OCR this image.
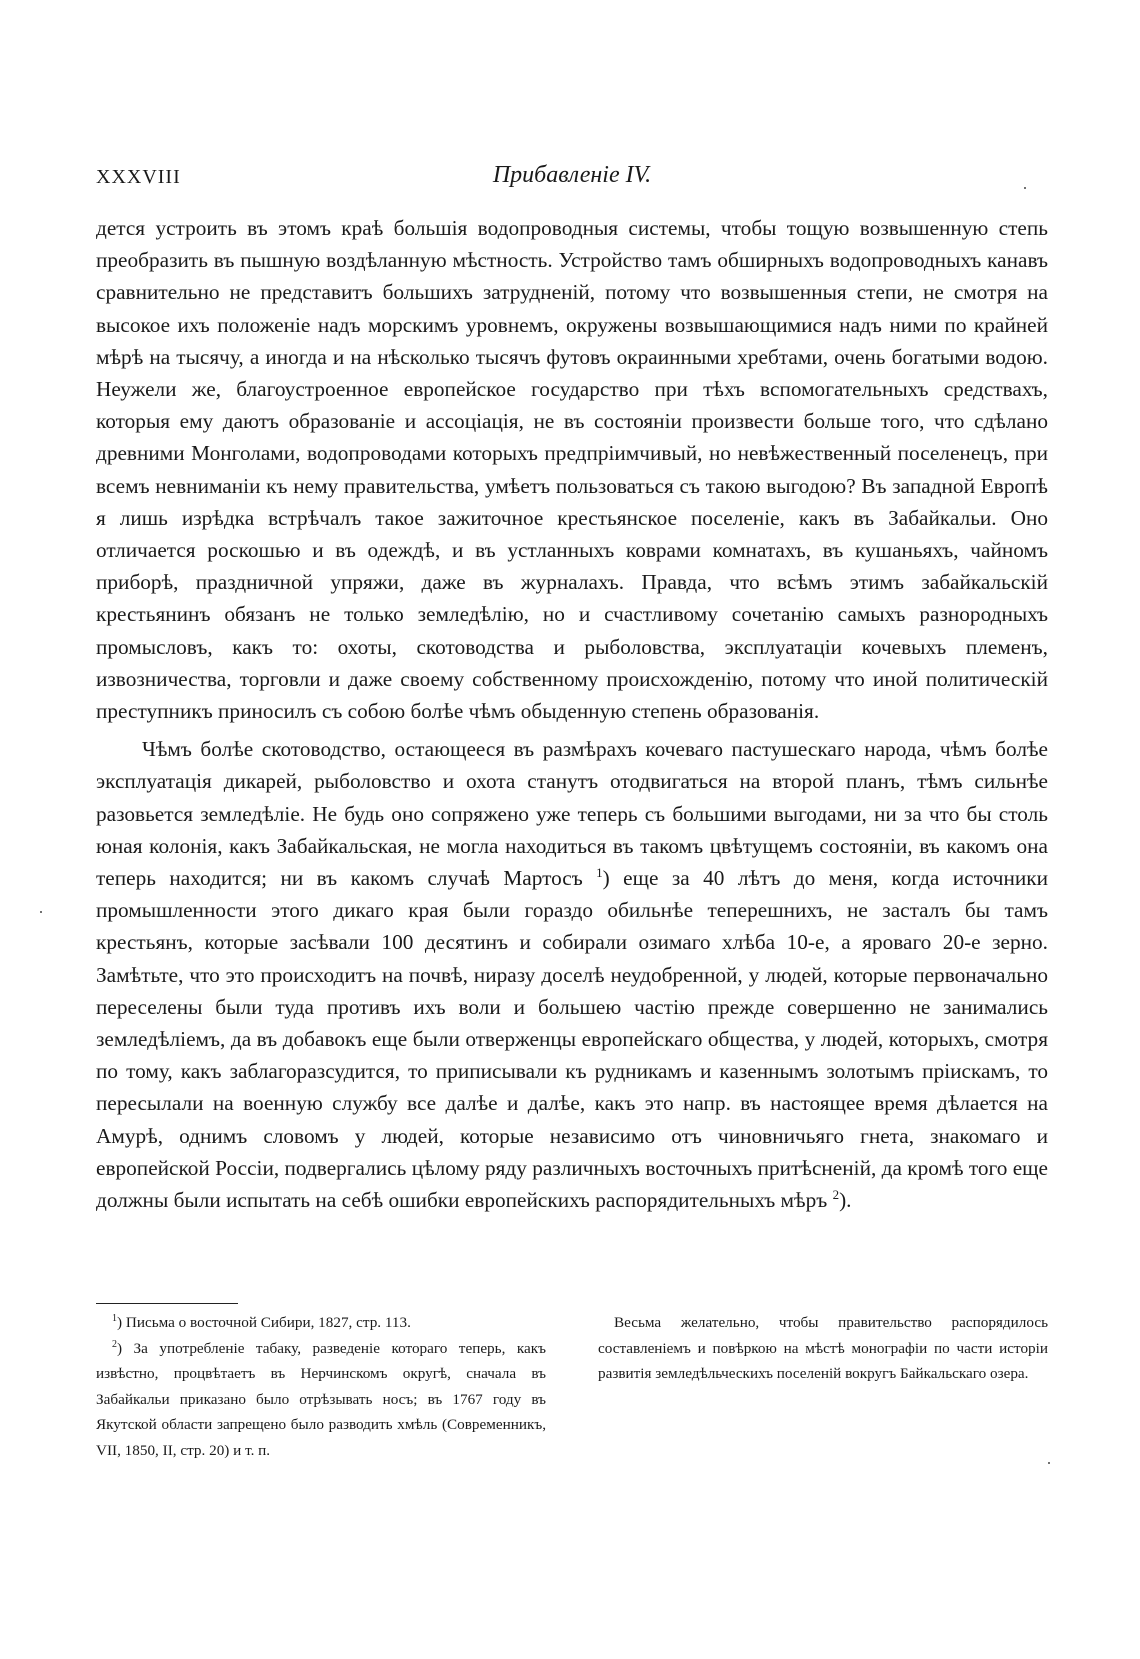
XXXVIII	Прибавленіе IV.

дется устроить въ этомъ краѣ большія водопроводныя системы, чтобы тощую возвышенную степь преобразить въ пышную воздѣланную мѣстность. Устройство тамъ обширныхъ водопроводныхъ канавъ сравнительно не представитъ большихъ затрудненій, потому что возвышенныя степи, не смотря на высокое ихъ положеніе надъ морскимъ уровнемъ, окружены возвышающимися надъ ними по крайней мѣрѣ на тысячу, а иногда и на нѣсколько тысячъ футовъ окраинными хребтами, очень богатыми водою. Неужели же, благоустроенное европейское государство при тѣхъ вспомогательныхъ средствахъ, которыя ему даютъ образованіе и ассоціація, не въ состояніи произвести больше того, что сдѣлано древними Монголами, водопроводами которыхъ предпріимчивый, но невѣжественный поселенецъ, при всемъ невниманіи къ нему правительства, умѣетъ пользоваться съ такою выгодою? Въ западной Европѣ я лишь изрѣдка встрѣчалъ такое зажиточное крестьянское поселеніе, какъ въ Забайкальи. Оно отличается роскошью и въ одеждѣ, и въ устланныхъ коврами комнатахъ, въ кушаньяхъ, чайномъ приборѣ, праздничной упряжи, даже въ журналахъ. Правда, что всѣмъ этимъ забайкальскій крестьянинъ обязанъ не только земледѣлію, но и счастливому сочетанію самыхъ разнородныхъ промысловъ, какъ то: охоты, скотоводства и рыболовства, эксплуатаціи кочевыхъ племенъ, извозничества, торговли и даже своему собственному происхожденію, потому что иной политическій преступникъ приносилъ съ собою болѣе чѣмъ обыденную степень образованія.

Чѣмъ болѣе скотоводство, остающееся въ размѣрахъ кочеваго пастушескаго народа, чѣмъ болѣе эксплуатація дикарей, рыболовство и охота станутъ отодвигаться на второй планъ, тѣмъ сильнѣе разовьется земледѣліе. Не будь оно сопряжено уже теперь съ большими выгодами, ни за что бы столь юная колонія, какъ Забайкальская, не могла находиться въ такомъ цвѣтущемъ состояніи, въ какомъ она теперь находится; ни въ какомъ случаѣ Мартосъ $^1$) еще за 40 лѣтъ до меня, когда источники промышленности этого дикаго края были гораздо обильнѣе теперешнихъ, не засталъ бы тамъ крестьянъ, которые засѣвали 100 десятинъ и собирали озимаго хлѣба 10-е, а яроваго 20-е зерно. Замѣтьте, что это происходитъ на почвѣ, ниразу доселѣ неудобренной, у людей, которые первоначально переселены были туда противъ ихъ воли и большею частію прежде совершенно не занимались земледѣліемъ, да въ добавокъ еще были отверженцы европейскаго общества, у людей, которыхъ, смотря по тому, какъ заблагоразсудится, то приписывали къ рудникамъ и казеннымъ золотымъ пріискамъ, то пересылали на военную службу все далѣе и далѣе, какъ это напр. въ настоящее время дѣлается на Амурѣ, однимъ словомъ у людей, которые независимо отъ чиновничьяго гнета, знакомаго и европейской Россіи, подвергались цѣлому ряду различныхъ восточныхъ притѣсненій, да кромѣ того еще должны были испытать на себѣ ошибки европейскихъ распорядительныхъ мѣръ $^2$).

$^1$) Письма о восточной Сибири, 1827, стр. 113.

$^2$) За употребленіе табаку, разведеніе котораго теперь, какъ извѣстно, процвѣтаетъ въ Нерчинскомъ округѣ, сначала въ Забайкальи приказано было отрѣзывать носъ; въ 1767 году въ Якутской области запрещено было разводить хмѣль (Современникъ, VII, 1850, II, стр. 20) и т. п.

Весьма желательно, чтобы правительство распорядилось составленіемъ и повѣркою на мѣстѣ монографіи по части исторіи развитія земледѣльческихъ поселеній вокругъ Байкальскаго озера.
